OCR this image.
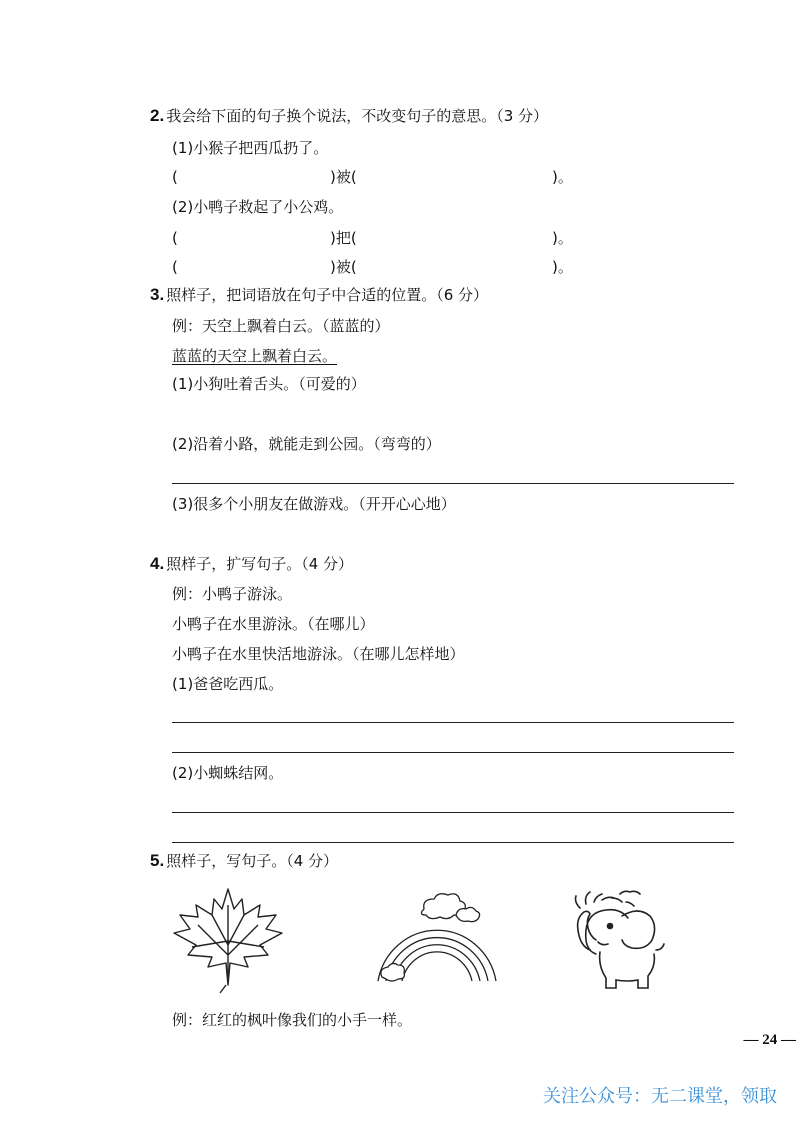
2. 我会给下面的句子换个说法，不改变句子的意思。（3 分）
(1)小猴子把西瓜扔了。
(	)被(	)。
(2)小鸭子救起了小公鸡。
(	)把(	)。
(	)被(	)。
3. 照样子，把词语放在句子中合适的位置。（6 分）
例：天空上飘着白云。（蓝蓝的）
蓝蓝的天空上飘着白云。
(1)小狗吐着舌头。（可爱的）
(2)沿着小路，就能走到公园。（弯弯的）
(3)很多个小朋友在做游戏。（开开心心地）
4. 照样子，扩写句子。（4 分）
例：小鸭子游泳。
小鸭子在水里游泳。（在哪儿）
小鸭子在水里快活地游泳。（在哪儿怎样地）
(1)爸爸吃西瓜。
(2)小蜘蛛结网。
5. 照样子，写句子。（4 分）
例：红红的枫叶像我们的小手一样。
— 24 —
关注公众号：无二课堂，领取
